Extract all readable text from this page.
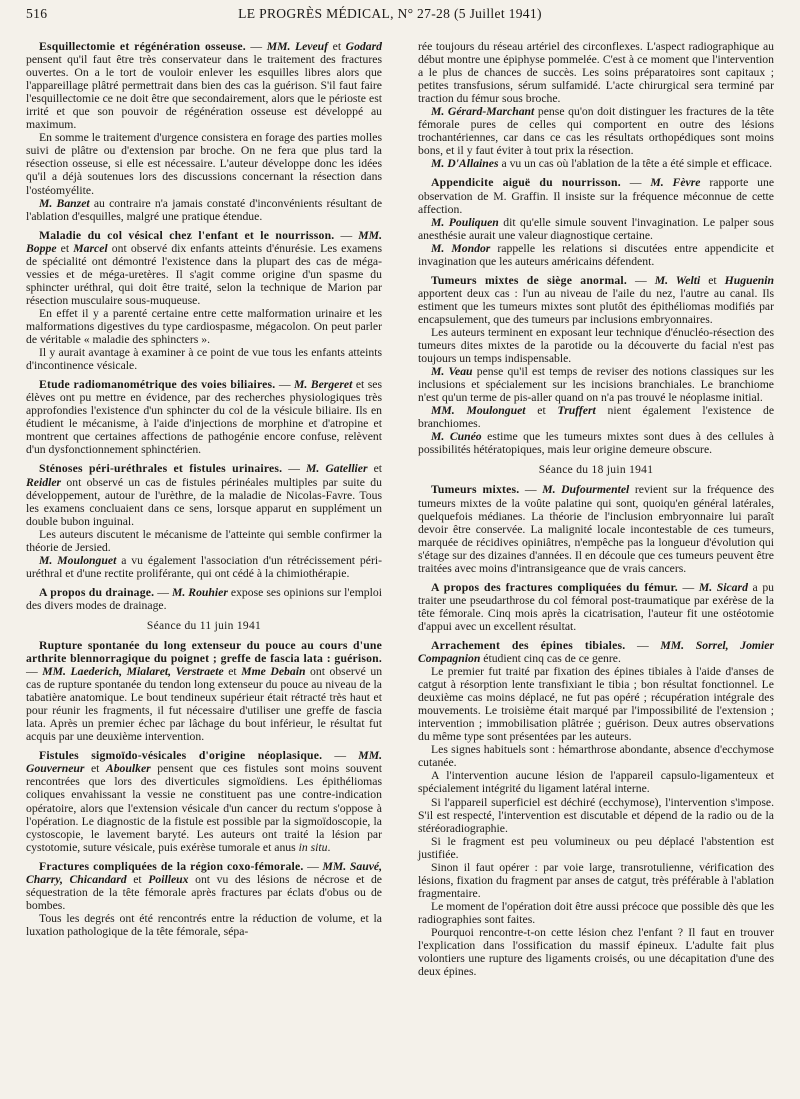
516	LE PROGRÈS MÉDICAL, N° 27-28 (5 Juillet 1941)

Esquillectomie et régénération osseuse. — MM. Leveuf et Godard pensent qu'il faut être très conservateur dans le traitement des fractures ouvertes. On a le tort de vouloir enlever les esquilles libres alors que l'appareillage plâtré permettrait dans bien des cas la guérison. S'il faut faire l'esquillectomie ce ne doit être que secondairement, alors que le périoste est irrité et que son pouvoir de régénération osseuse est développé au maximum.

En somme le traitement d'urgence consistera en forage des parties molles suivi de plâtre ou d'extension par broche. On ne fera que plus tard la résection osseuse, si elle est nécessaire. L'auteur développe donc les idées qu'il a déjà soutenues lors des discussions concernant la résection dans l'ostéomyélite.

M. Banzet au contraire n'a jamais constaté d'inconvénients résultant de l'ablation d'esquilles, malgré une pratique étendue.

Maladie du col vésical chez l'enfant et le nourrisson. — MM. Boppe et Marcel ont observé dix enfants atteints d'énurésie. Les examens de spécialité ont démontré l'existence dans la plupart des cas de méga-vessies et de méga-uretères. Il s'agit comme origine d'un spasme du sphincter uréthral, qui doit être traité, selon la technique de Marion par résection musculaire sous-muqueuse.

En effet il y a parenté certaine entre cette malformation urinaire et les malformations digestives du type cardiospasme, mégacolon. On peut parler de véritable « maladie des sphincters ».

Il y aurait avantage à examiner à ce point de vue tous les enfants atteints d'incontinence vésicale.

Etude radiomanométrique des voies biliaires. — M. Bergeret et ses élèves ont pu mettre en évidence, par des recherches physiologiques très approfondies l'existence d'un sphincter du col de la vésicule biliaire. Ils en étudient le mécanisme, à l'aide d'injections de morphine et d'atropine et montrent que certaines affections de pathogénie encore confuse, relèvent d'un dysfonctionnement sphinctérien.

Sténoses péri-uréthrales et fistules urinaires. — M. Gatellier et Reidler ont observé un cas de fistules périnéales multiples par suite du développement, autour de l'urèthre, de la maladie de Nicolas-Favre. Tous les examens concluaient dans ce sens, lorsque apparut en supplément un double bubon inguinal.

Les auteurs discutent le mécanisme de l'atteinte qui semble confirmer la théorie de Jersied.

M. Moulonguet a vu également l'association d'un rétrécissement péri-uréthral et d'une rectite proliférante, qui ont cédé à la chimiothérapie.

A propos du drainage. — M. Rouhier expose ses opinions sur l'emploi des divers modes de drainage.

Séance du 11 juin 1941

Rupture spontanée du long extenseur du pouce au cours d'une arthrite blennorragique du poignet ; greffe de fascia lata : guérison. — MM. Laederich, Mialaret, Verstraete et Mme Debain ont observé un cas de rupture spontanée du tendon long extenseur du pouce au niveau de la tabatière anatomique. Le bout tendineux supérieur était rétracté très haut et pour réunir les fragments, il fut nécessaire d'utiliser une greffe de fascia lata. Après un premier échec par lâchage du bout inférieur, le résultat fut acquis par une deuxième intervention.

Fistules sigmoïdo-vésicales d'origine néoplasique. — MM. Gouverneur et Aboulker pensent que ces fistules sont moins souvent rencontrées que lors des diverticules sigmoïdiens. Les épithéliomas coliques envahissant la vessie ne constituent pas une contre-indication opératoire, alors que l'extension vésicale d'un cancer du rectum s'oppose à l'opération. Le diagnostic de la fistule est possible par la sigmoïdoscopie, la cystoscopie, le lavement baryté. Les auteurs ont traité la lésion par cystotomie, suture vésicale, puis exérèse tumorale et anus in situ.

Fractures compliquées de la région coxo-fémorale. — MM. Sauvé, Charry, Chicandard et Poilleux ont vu des lésions de nécrose et de séquestration de la tête fémorale après fractures par éclats d'obus ou de bombes.

Tous les degrés ont été rencontrés entre la réduction de volume, et la luxation pathologique de la tête fémorale, sépa-

rée toujours du réseau artériel des circonflexes. L'aspect radiographique au début montre une épiphyse pommelée. C'est à ce moment que l'intervention a le plus de chances de succès. Les soins préparatoires sont capitaux ; petites transfusions, sérum sulfamidé. L'acte chirurgical sera terminé par traction du fémur sous broche.

M. Gérard-Marchant pense qu'on doit distinguer les fractures de la tête fémorale pures de celles qui comportent en outre des lésions trochantériennes, car dans ce cas les résultats orthopédiques sont moins bons, et il y faut éviter à tout prix la résection.

M. D'Allaines a vu un cas où l'ablation de la tête a été simple et efficace.

Appendicite aiguë du nourrisson. — M. Fèvre rapporte une observation de M. Graffin. Il insiste sur la fréquence méconnue de cette affection.

M. Pouliquen dit qu'elle simule souvent l'invagination. Le palper sous anesthésie aurait une valeur diagnostique certaine.

M. Mondor rappelle les relations si discutées entre appendicite et invagination que les auteurs américains défendent.

Tumeurs mixtes de siège anormal. — M. Welti et Huguenin apportent deux cas : l'un au niveau de l'aile du nez, l'autre au canal. Ils estiment que les tumeurs mixtes sont plutôt des épithéliomas modifiés par encapsulement, que des tumeurs par inclusions embryonnaires.

Les auteurs terminent en exposant leur technique d'énucléo-résection des tumeurs dites mixtes de la parotide ou la découverte du facial n'est pas toujours un temps indispensable.

M. Veau pense qu'il est temps de reviser des notions classiques sur les inclusions et spécialement sur les incisions branchiales. Le branchiome n'est qu'un terme de pis-aller quand on n'a pas trouvé le néoplasme initial.

MM. Moulonguet et Truffert nient également l'existence de branchiomes.

M. Cunéo estime que les tumeurs mixtes sont dues à des cellules à possibilités hétératopiques, mais leur origine demeure obscure.

Séance du 18 juin 1941

Tumeurs mixtes. — M. Dufourmentel revient sur la fréquence des tumeurs mixtes de la voûte palatine qui sont, quoiqu'en général latérales, quelquefois médianes. La théorie de l'inclusion embryonnaire lui paraît devoir être conservée. La malignité locale incontestable de ces tumeurs, marquée de récidives opiniâtres, n'empêche pas la longueur d'évolution qui s'étage sur des dizaines d'années. Il en découle que ces tumeurs peuvent être traitées avec moins d'intransigeance que de vrais cancers.

A propos des fractures compliquées du fémur. — M. Sicard a pu traiter une pseudarthrose du col fémoral post-traumatique par exérèse de la tête fémorale. Cinq mois après la cicatrisation, l'auteur fit une ostéotomie d'appui avec un excellent résultat.

Arrachement des épines tibiales. — MM. Sorrel, Jomier Compagnion étudient cinq cas de ce genre.

Le premier fut traité par fixation des épines tibiales à l'aide d'anses de catgut à résorption lente transfixiant le tibia ; bon résultat fonctionnel. Le deuxième cas moins déplacé, ne fut pas opéré ; récupération intégrale des mouvements. Le troisième était marqué par l'impossibilité de l'extension ; intervention ; immobilisation plâtrée ; guérison. Deux autres observations du même type sont présentées par les auteurs.

Les signes habituels sont : hémarthrose abondante, absence d'ecchymose cutanée.

A l'intervention aucune lésion de l'appareil capsulo-ligamenteux et spécialement intégrité du ligament latéral interne.

Si l'appareil superficiel est déchiré (ecchymose), l'intervention s'impose. S'il est respecté, l'intervention est discutable et dépend de la radio ou de la stéréoradiographie.

Si le fragment est peu volumineux ou peu déplacé l'abstention est justifiée.

Sinon il faut opérer : par voie large, transrotulienne, vérification des lésions, fixation du fragment par anses de catgut, très préférable à l'ablation fragmentaire.

Le moment de l'opération doit être aussi précoce que possible dès que les radiographies sont faites.

Pourquoi rencontre-t-on cette lésion chez l'enfant ? Il faut en trouver l'explication dans l'ossification du massif épineux. L'adulte fait plus volontiers une rupture des ligaments croisés, ou une décapitation d'une des deux épines.
